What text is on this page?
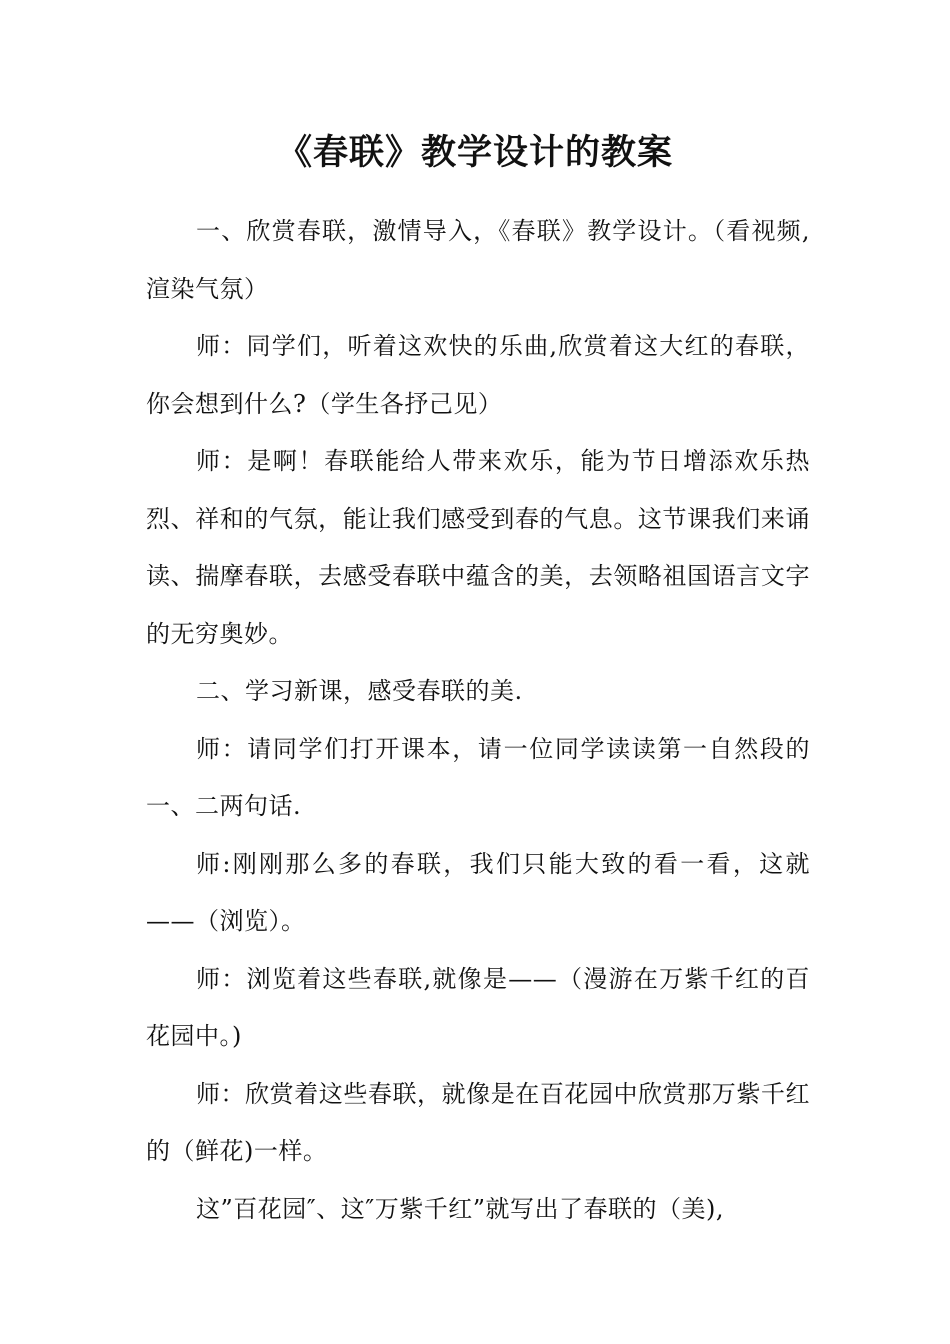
《春联》教学设计的教案

一、欣赏春联，激情导入，《春联》教学设计。（看视频,渲染气氛）

师：同学们，听着这欢快的乐曲,欣赏着这大红的春联，你会想到什么?（学生各抒己见）

师：是啊！春联能给人带来欢乐，能为节日增添欢乐热烈、祥和的气氛，能让我们感受到春的气息。这节课我们来诵读、揣摩春联，去感受春联中蕴含的美，去领略祖国语言文字的无穷奥妙。

二、学习新课，感受春联的美.

师：请同学们打开课本，请一位同学读读第一自然段的一、二两句话.

师:刚刚那么多的春联，我们只能大致的看一看，这就——（浏览）。

师：浏览着这些春联,就像是——（漫游在万紫千红的百花园中。)

师：欣赏着这些春联，就像是在百花园中欣赏那万紫千红的（鲜花)一样。

这”百花园″、这″万紫千红”就写出了春联的（美),
